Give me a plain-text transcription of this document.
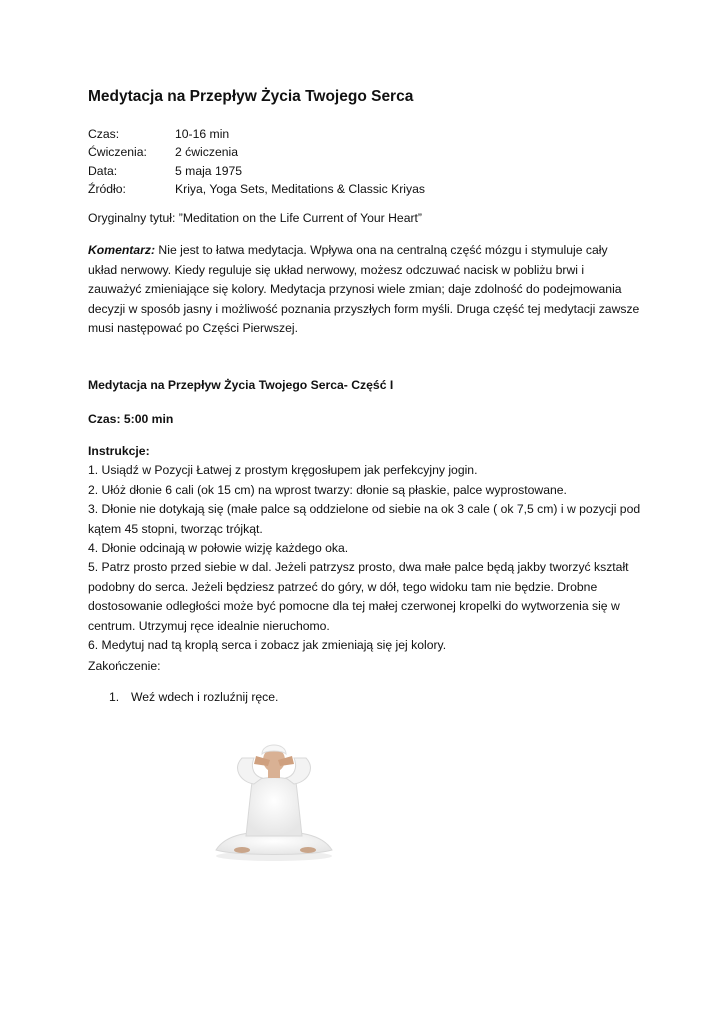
Medytacja na Przepływ Życia Twojego Serca
Czas:	10-16 min
Ćwiczenia:	2 ćwiczenia
Data:	5 maja 1975
Źródło:	Kriya, Yoga Sets, Meditations & Classic Kriyas
Oryginalny tytuł: ”Meditation on the Life Current of Your Heart”
Komentarz: Nie jest to łatwa medytacja. Wpływa ona na centralną część mózgu i stymuluje cały
układ nerwowy. Kiedy reguluje się układ nerwowy, możesz odczuwać nacisk w pobliżu brwi i
zauważyć zmieniające się kolory. Medytacja przynosi wiele zmian; daje zdolność do podejmowania
decyzji w sposób jasny i możliwość poznania przyszłych form myśli. Druga część tej medytacji zawsze
musi następować po Części Pierwszej.
Medytacja na Przepływ Życia Twojego Serca- Część I
Czas: 5:00 min
Instrukcje:
1. Usiądź w Pozycji Łatwej z prostym kręgosłupem jak perfekcyjny jogin.
2. Ułóż dłonie 6 cali (ok 15 cm) na wprost twarzy: dłonie są płaskie, palce wyprostowane.
3. Dłonie nie dotykają się (małe palce są oddzielone od siebie na ok 3 cale ( ok 7,5 cm) i w pozycji pod
kątem 45 stopni, tworząc trójkąt.
4. Dłonie odcinają w połowie wizję każdego oka.
5. Patrz prosto przed siebie w dal. Jeżeli patrzysz prosto, dwa małe palce będą jakby tworzyć kształt
podobny do serca. Jeżeli będziesz patrzeć do góry, w dół, tego widoku tam nie będzie. Drobne
dostosowanie odległości może być pomocne dla tej małej czerwonej kropelki do wytworzenia się w
centrum. Utrzymuj ręce idealnie nieruchomo.
6. Medytuj nad tą kroplą serca i zobacz jak zmieniają się jej kolory.
Zakończenie:
1. Weź wdech i rozluźnij ręce.
